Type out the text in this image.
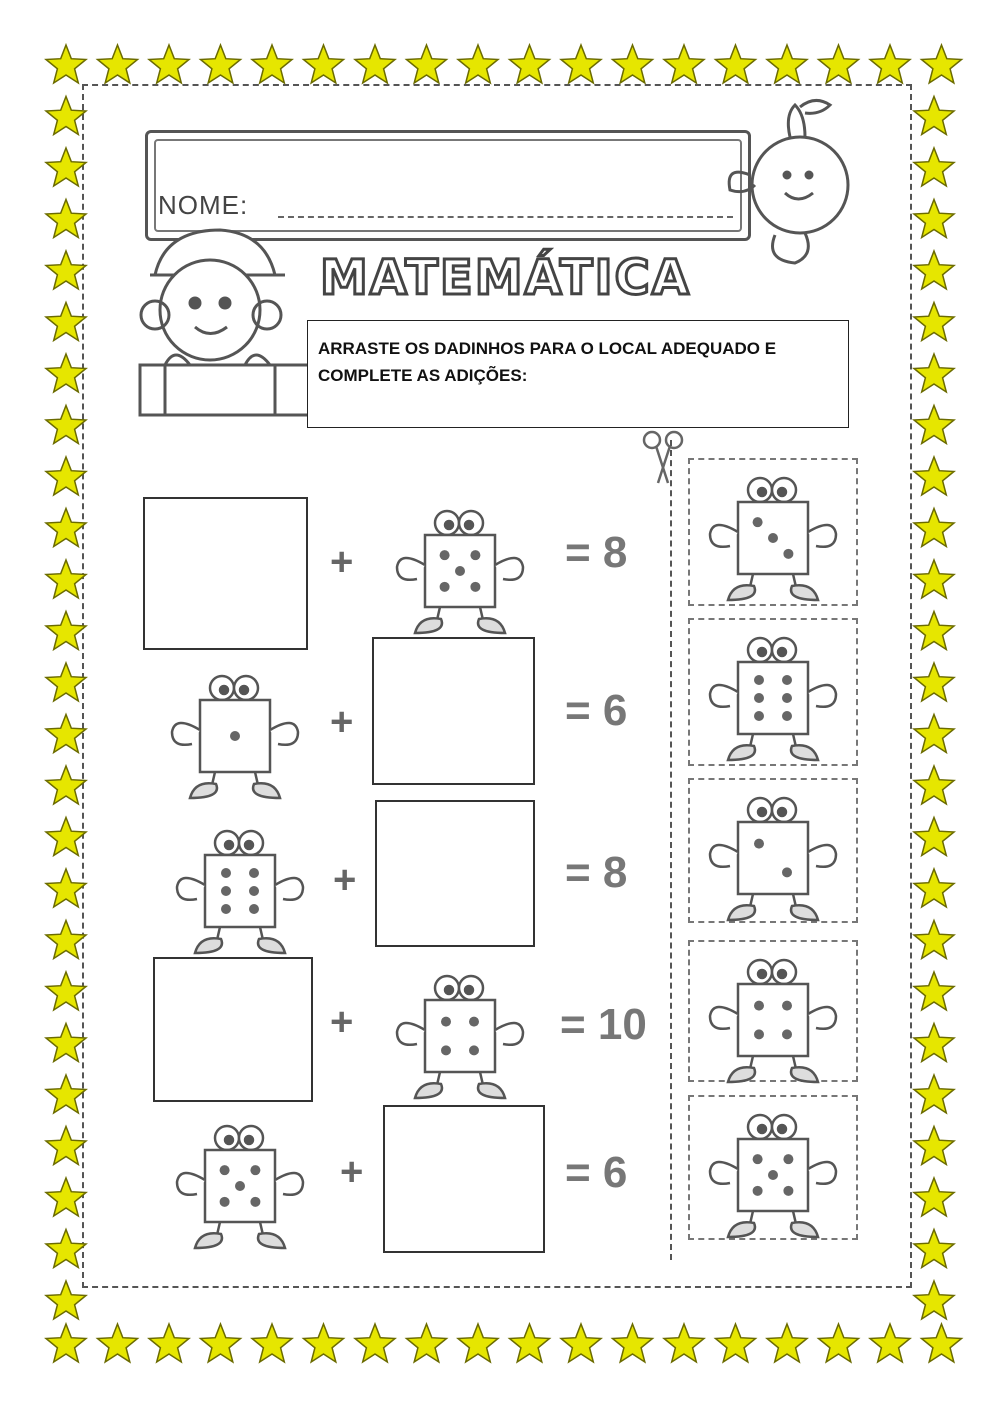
NOME:
MATEMÁTICA
ARRASTE OS DADINHOS PARA O LOCAL ADEQUADO E COMPLETE AS ADIÇÕES:
+	= 8
+	= 6
+	= 8
+	= 10
+	= 6
